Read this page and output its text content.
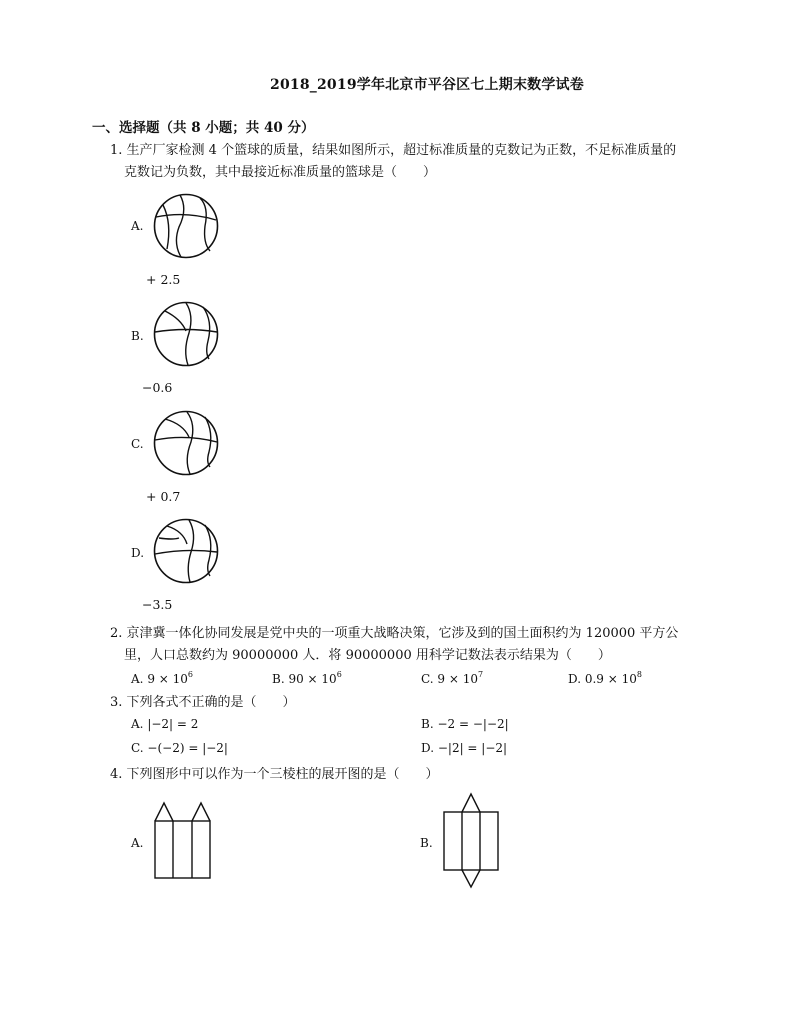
2018_2019学年北京市平谷区七上期末数学试卷
一、选择题（共 8 小题；共 40 分）
1. 生产厂家检测 4 个篮球的质量，结果如图所示，超过标准质量的克数记为正数，不足标准质量的
克数记为负数，其中最接近标准质量的篮球是（　　）
A.
+ 2.5
B.
−0.6
C.
+ 0.7
D.
−3.5
2. 京津冀一体化协同发展是党中央的一项重大战略决策，它涉及到的国土面积约为 120000 平方公
里，人口总数约为 90000000 人．将 90000000 用科学记数法表示结果为（　　）
A. $9 \times 10^6$	B. $90 \times 10^6$	C. $9 \times 10^7$	D. $0.9 \times 10^8$
3. 下列各式不正确的是（　　）
A. |−2| = 2	B. −2 = −|−2|
C. −(−2) = |−2|	D. −|2| = |−2|
4. 下列图形中可以作为一个三棱柱的展开图的是（　　）
A.	B.
